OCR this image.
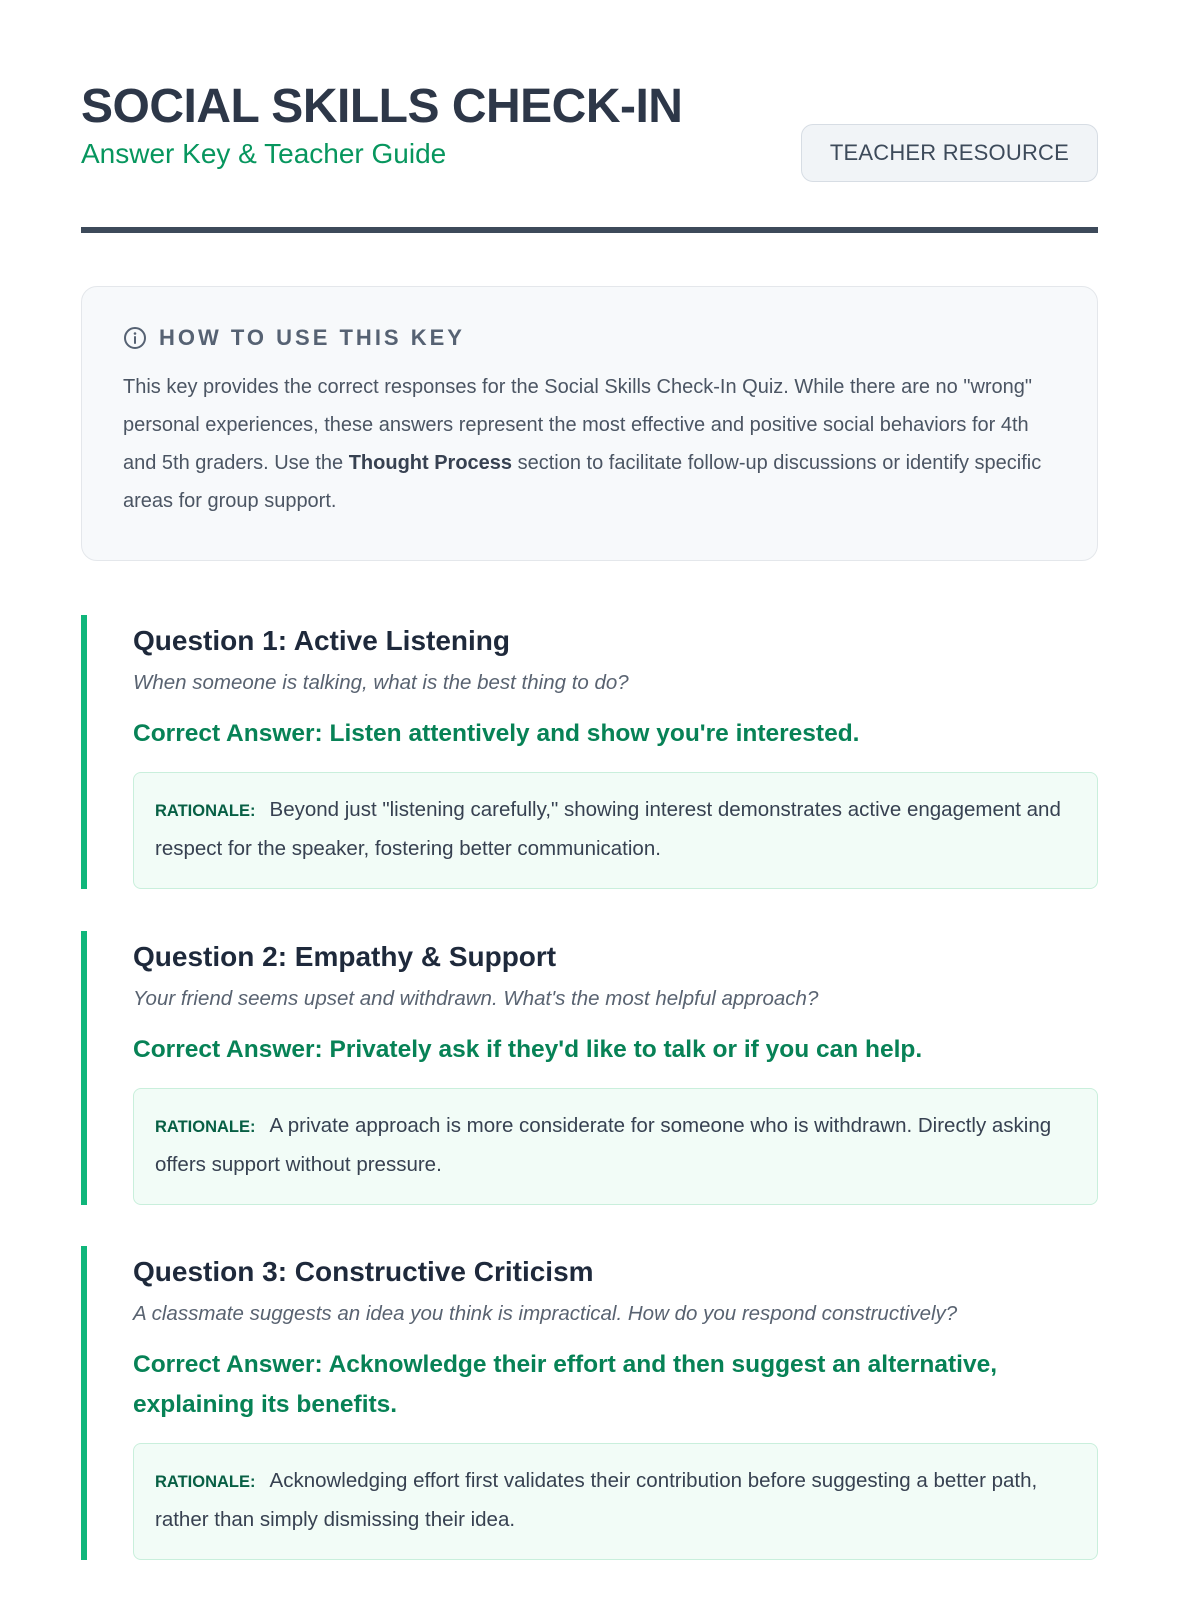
SOCIAL SKILLS CHECK-IN
Answer Key & Teacher Guide	TEACHER RESOURCE
HOW TO USE THIS KEY

This key provides the correct responses for the Social Skills Check-In Quiz. While there are no "wrong" personal experiences, these answers represent the most effective and positive social behaviors for 4th and 5th graders. Use the Thought Process section to facilitate follow-up discussions or identify specific areas for group support.

Question 1: Active Listening

When someone is talking, what is the best thing to do?

Correct Answer: Listen attentively and show you're interested.

RATIONALE: Beyond just "listening carefully," showing interest demonstrates active engagement and respect for the speaker, fostering better communication.
Question 2: Empathy & Support

Your friend seems upset and withdrawn. What's the most helpful approach?

Correct Answer: Privately ask if they'd like to talk or if you can help.

RATIONALE: A private approach is more considerate for someone who is withdrawn. Directly asking offers support without pressure.
Question 3: Constructive Criticism

A classmate suggests an idea you think is impractical. How do you respond constructively?

Correct Answer: Acknowledge their effort and then suggest an alternative, explaining its benefits.

RATIONALE: Acknowledging effort first validates their contribution before suggesting a better path, rather than simply dismissing their idea.
